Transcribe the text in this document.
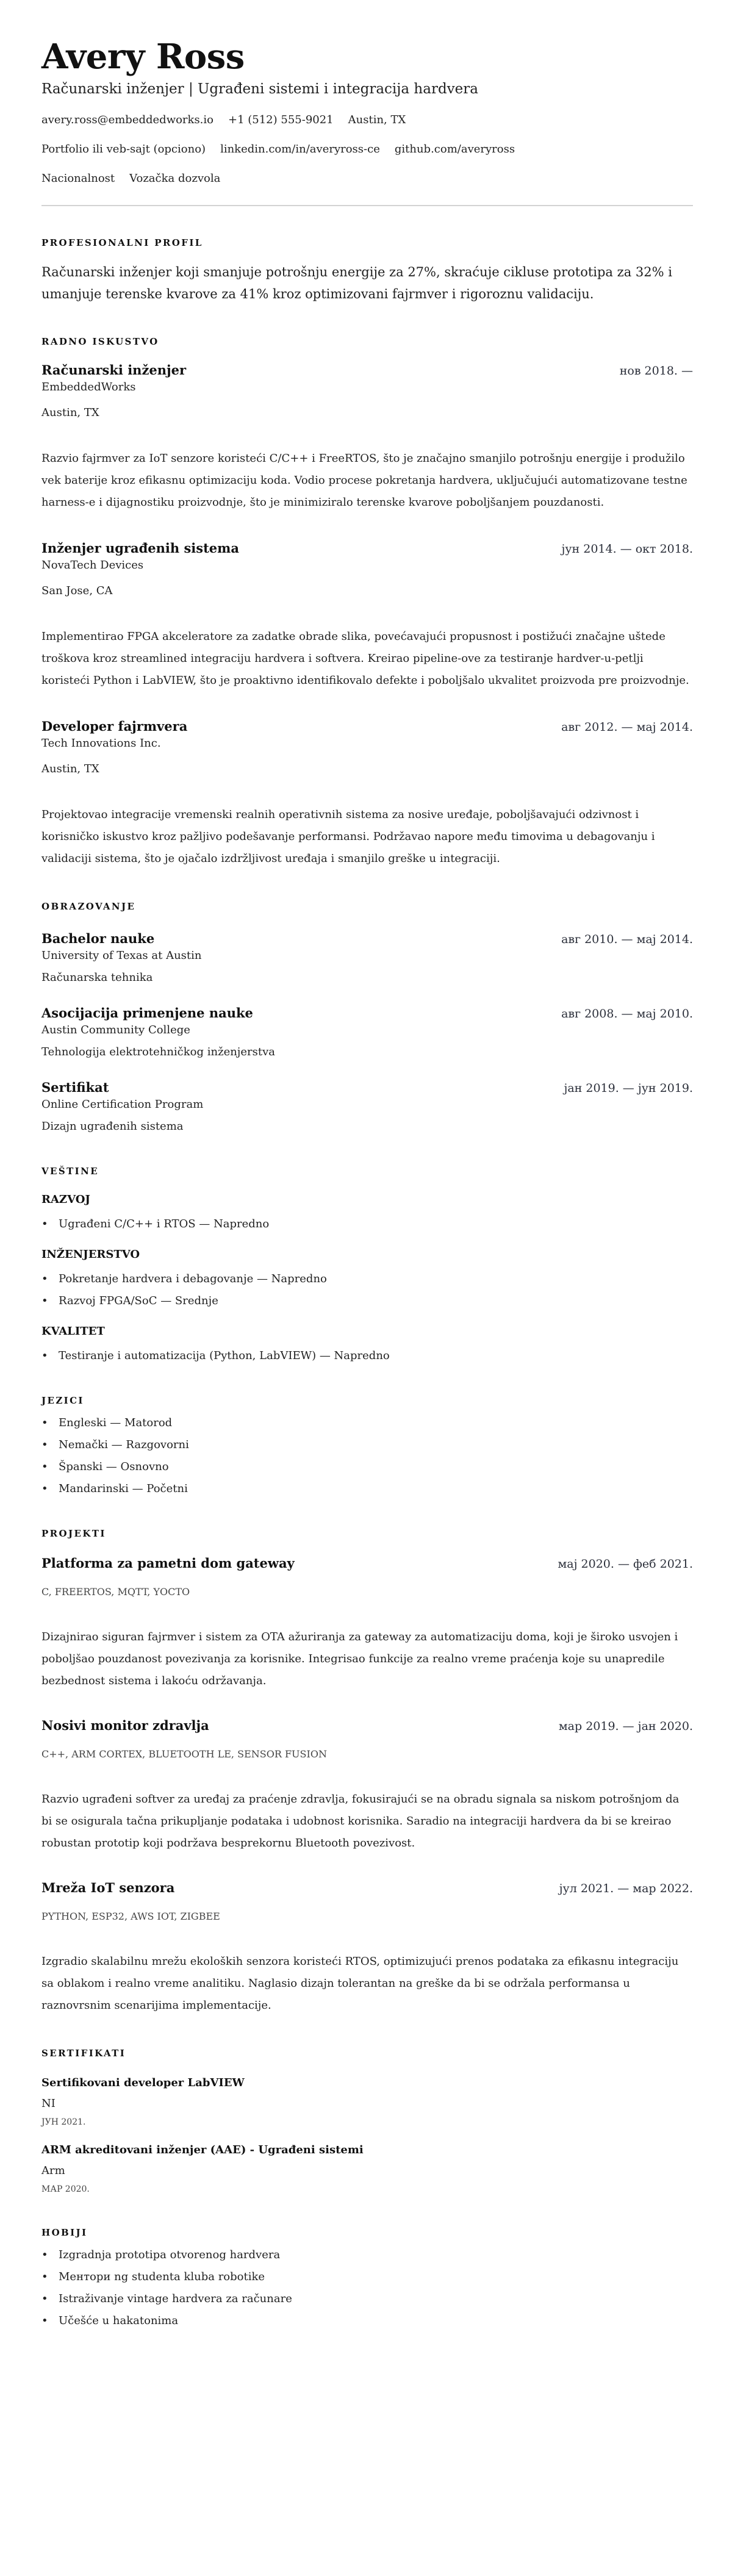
Avery Ross
Računarski inženjer | Ugrađeni sistemi i integracija hardvera
avery.ross@embeddedworks.io +1 (512) 555-9021 Austin, TX
Portfolio ili veb-sajt (opciono) linkedin.com/in/averyross-ce github.com/averyross
Nacionalnost Vozačka dozvola
PROFESIONALNI PROFIL

Računarski inženjer koji smanjuje potrošnju energije za 27%, skraćuje cikluse prototipa za 32% i umanjuje terenske kvarove za 41% kroz optimizovani fajrmver i rigoroznu validaciju.

RADNO ISKUSTVO
Računarski inženjer	нов 2018. —
EmbeddedWorks
Austin, TX

Razvio fajrmver za IoT senzore koristeći C/C++ i FreeRTOS, što je značajno smanjilo potrošnju energije i produžilo vek baterije kroz efikasnu optimizaciju koda. Vodio procese pokretanja hardvera, uključujući automatizovane testne harness-e i dijagnostiku proizvodnje, što je minimiziralo terenske kvarove poboljšanjem pouzdanosti.

Inženjer ugrađenih sistema	јун 2014. — окт 2018.
NovaTech Devices
San Jose, CA

Implementirao FPGA akceleratore za zadatke obrade slika, povećavajući propusnost i postižući značajne uštede troškova kroz streamlined integraciju hardvera i softvera. Kreirao pipeline-ove za testiranje hardver-u-petlji koristeći Python i LabVIEW, što je proaktivno identifikovalo defekte i poboljšalo ukvalitet proizvoda pre proizvodnje.

Developer fajrmvera	авг 2012. — мај 2014.
Tech Innovations Inc.
Austin, TX

Projektovao integracije vremenski realnih operativnih sistema za nosive uređaje, poboljšavajući odzivnost i korisničko iskustvo kroz pažljivo podešavanje performansi. Podržavao napore među timovima u debagovanju i validaciji sistema, što je ojačalo izdržljivost uređaja i smanjilo greške u integraciji.

OBRAZOVANJE
Bachelor nauke	авг 2010. — мај 2014.
University of Texas at Austin
Računarska tehnika
Asocijacija primenjene nauke	авг 2008. — мај 2010.
Austin Community College
Tehnologija elektrotehničkog inženjerstva
Sertifikat	јан 2019. — јун 2019.
Online Certification Program
Dizajn ugrađenih sistema
VEŠTINE
RAZVOJ
• Ugrađeni C/C++ i RTOS — Napredno
INŽENJERSTVO
• Pokretanje hardvera i debagovanje — Napredno
• Razvoj FPGA/SoC — Srednje
KVALITET
• Testiranje i automatizacija (Python, LabVIEW) — Napredno
JEZICI
• Engleski — Matorod
• Nemački — Razgovorni
• Španski — Osnovno
• Mandarinski — Početni
PROJEKTI
Platforma za pametni dom gateway	мај 2020. — феб 2021.
C, FREERTOS, MQTT, YOCTO

Dizajnirao siguran fajrmver i sistem za OTA ažuriranja za gateway za automatizaciju doma, koji je široko usvojen i poboljšao pouzdanost povezivanja za korisnike. Integrisao funkcije za realno vreme praćenja koje su unapredile bezbednost sistema i lakoću održavanja.

Nosivi monitor zdravlja	мар 2019. — јан 2020.
C++, ARM CORTEX, BLUETOOTH LE, SENSOR FUSION

Razvio ugrađeni softver za uređaj za praćenje zdravlja, fokusirajući se na obradu signala sa niskom potrošnjom da bi se osigurala tačna prikupljanje podataka i udobnost korisnika. Saradio na integraciji hardvera da bi se kreirao robustan prototip koji podržava besprekornu Bluetooth povezivost.

Mreža IoT senzora	јул 2021. — мар 2022.
PYTHON, ESP32, AWS IOT, ZIGBEE

Izgradio skalabilnu mrežu ekoloških senzora koristeći RTOS, optimizujući prenos podataka za efikasnu integraciju sa oblakom i realno vreme analitiku. Naglasio dizajn tolerantan na greške da bi se održala performansa u raznovrsnim scenarijima implementacije.

SERTIFIKATI
Sertifikovani developer LabVIEW
NI
ЈУН 2021.
ARM akreditovani inženjer (AAE) - Ugrađeni sistemi
Arm
МАР 2020.
HOBIJI
• Izgradnja prototipa otvorenog hardvera
• Ментори ng studenta kluba robotike
• Istraživanje vintage hardvera za računare
• Učešće u hakatonima
